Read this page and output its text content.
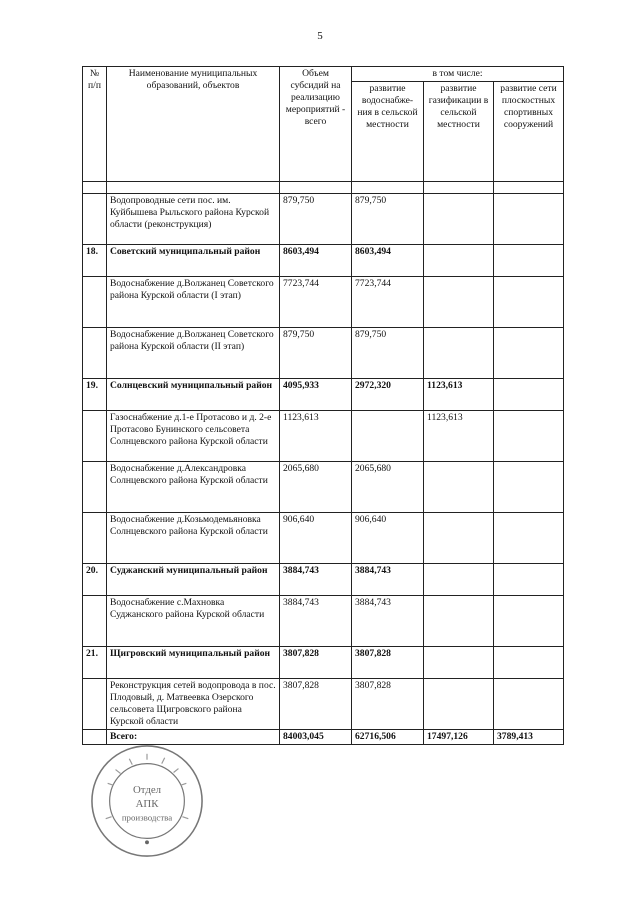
5
№ п/п	Наименование муниципальных образований, объектов	Объем субсидий на реализацию мероприятий - всего	в том числе:		
			развитие водоснабже-ния в сельской местности	развитие газификации в сельской местности	развитие сети плоскостных спортивных сооружений

	Водопроводные сети пос. им. Куйбышева Рыльского района Курской области (реконструкция)	879,750	879,750		
18.	Советский муниципальный район	8603,494	8603,494		
	Водоснабжение д.Волжанец Советского района Курской области (I этап)	7723,744	7723,744		
	Водоснабжение д.Волжанец Советского района Курской области (II этап)	879,750	879,750		
19.	Солнцевский муниципальный район	4095,933	2972,320	1123,613	
	Газоснабжение д.1-е Протасово и д. 2-е Протасово Бунинского сельсовета Солнцевского района Курской области	1123,613		1123,613	
	Водоснабжение д.Александровка Солнцевского района Курской области	2065,680	2065,680		
	Водоснабжение д.Козьмодемьяновка Солнцевского района Курской области	906,640	906,640		
20.	Суджанский муниципальный район	3884,743	3884,743		
	Водоснабжение с.Махновка Суджанского района Курской области	3884,743	3884,743		
21.	Щигровский муниципальный район	3807,828	3807,828		
	Реконструкция сетей водопровода в пос. Плодовый, д. Матвеевка Озерского сельсовета Щигровского района Курской области	3807,828	3807,828		
	Всего:	84003,045	62716,506	17497,126	3789,413
Отдел
АПК
производства
